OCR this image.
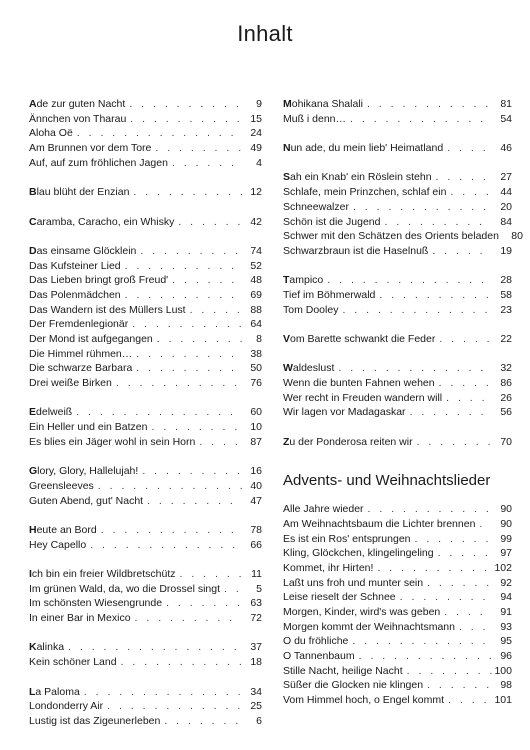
Inhalt
Ade zur guten Nacht . . .	9
Ännchen von Tharau . . .	15
Aloha Oë . . .	24
Am Brunnen vor dem Tore . . .	49
Auf, auf zum fröhlichen Jagen . . .	4
Blau blüht der Enzian . . .	12
Caramba, Caracho, ein Whisky . . .	42
Das einsame Glöcklein . . .	74
Das Kufsteiner Lied . . .	52
Das Lieben bringt groß Freud' . . .	48
Das Polenmädchen . . .	69
Das Wandern ist des Müllers Lust . . .	88
Der Fremdenlegionär . . .	64
Der Mond ist aufgegangen . . .	8
Die Himmel rühmen… . . .	38
Die schwarze Barbara . . .	50
Drei weiße Birken . . .	76
Edelweiß . . .	60
Ein Heller und ein Batzen . . .	10
Es blies ein Jäger wohl in sein Horn . . .	87
Glory, Glory, Hallelujah! . . .	16
Greensleeves . . .	40
Guten Abend, gut' Nacht . . .	47
Heute an Bord . . .	78
Hey Capello . . .	66
Ich bin ein freier Wildbretschütz . . .	11
Im grünen Wald, da, wo die Drossel singt . . .	5
Im schönsten Wiesengrunde . . .	63
In einer Bar in Mexico . . .	72
Kalinka . . .	37
Kein schöner Land . . .	18
La Paloma . . .	34
Londonderry Air . . .	25
Lustig ist das Zigeunerleben . . .	6
Mohikana Shalali . . .	81
Muß i denn… . . .	54
Nun ade, du mein lieb' Heimatland . . .	46
Sah ein Knab' ein Röslein stehn . . .	27
Schlafe, mein Prinzchen, schlaf ein . . .	44
Schneewalzer . . .	20
Schön ist die Jugend . . .	84
Schwer mit den Schätzen des Orients beladen . . .	80
Schwarzbraun ist die Haselnuß . . .	19
Tampico . . .	28
Tief im Böhmerwald . . .	58
Tom Dooley . . .	23
Vom Barette schwankt die Feder . . .	22
Waldeslust . . .	32
Wenn die bunten Fahnen wehen . . .	86
Wer recht in Freuden wandern will . . .	26
Wir lagen vor Madagaskar . . .	56
Zu der Ponderosa reiten wir . . .	70
Advents- und Weihnachtslieder
Alle Jahre wieder . . .	90
Am Weihnachtsbaum die Lichter brennen . . .	90
Es ist ein Ros' entsprungen . . .	99
Kling, Glöckchen, klingelingeling . . .	97
Kommet, ihr Hirten! . . .	102
Laßt uns froh und munter sein . . .	92
Leise rieselt der Schnee . . .	94
Morgen, Kinder, wird's was geben . . .	91
Morgen kommt der Weihnachtsmann . . .	93
O du fröhliche . . .	95
O Tannenbaum . . .	96
Stille Nacht, heilige Nacht . . .	100
Süßer die Glocken nie klingen . . .	98
Vom Himmel hoch, o Engel kommt . . .	101
